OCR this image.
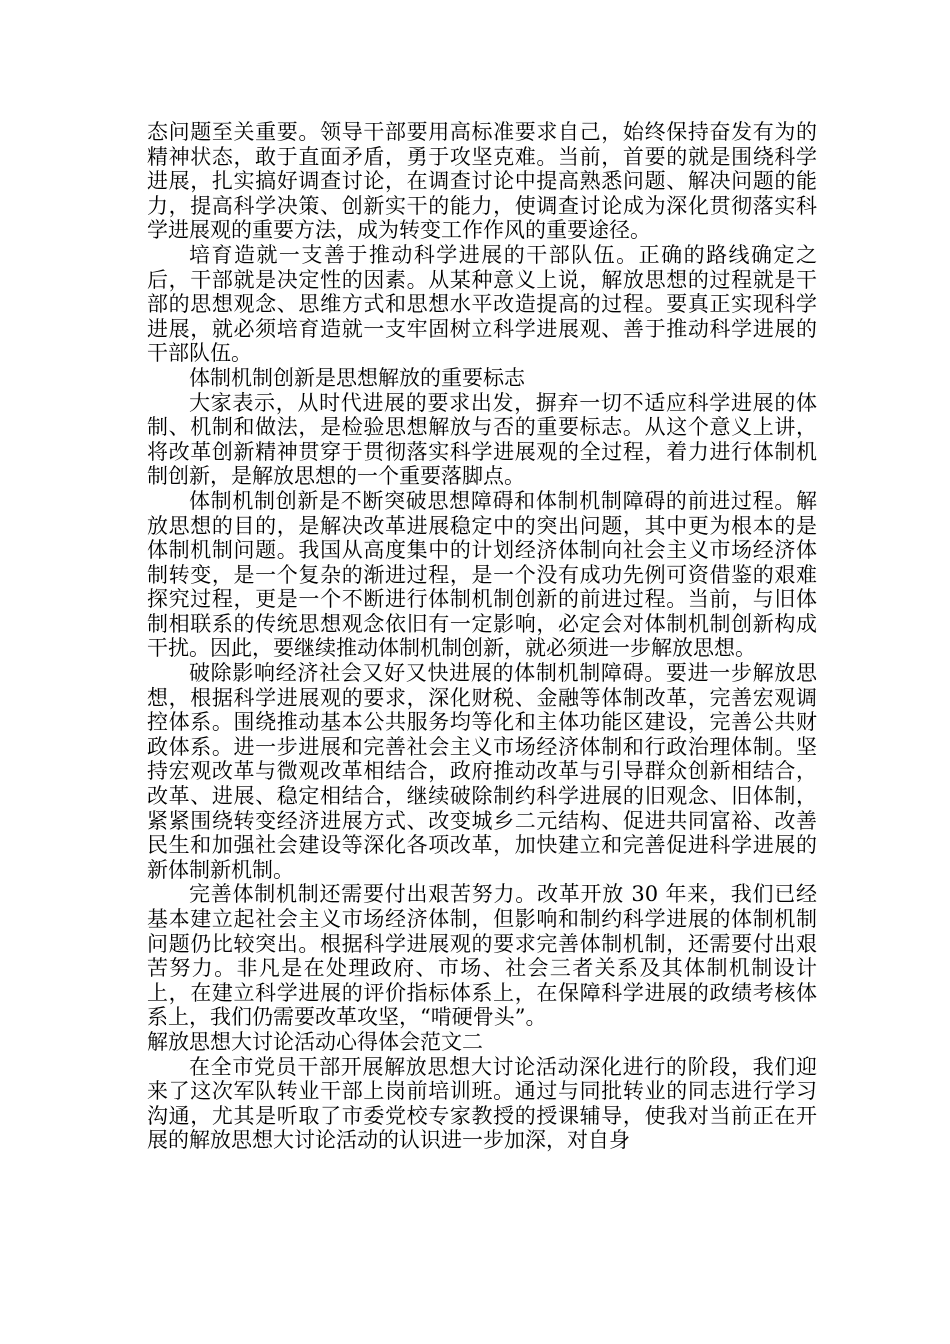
态问题至关重要。领导干部要用高标准要求自己，始终保持奋发有为的精神状态，敢于直面矛盾，勇于攻坚克难。当前，首要的就是围绕科学进展，扎实搞好调查讨论，在调查讨论中提高熟悉问题、解决问题的能力，提高科学决策、创新实干的能力，使调查讨论成为深化贯彻落实科学进展观的重要方法，成为转变工作作风的重要途径。

培育造就一支善于推动科学进展的干部队伍。正确的路线确定之后，干部就是决定性的因素。从某种意义上说，解放思想的过程就是干部的思想观念、思维方式和思想水平改造提高的过程。要真正实现科学进展，就必须培育造就一支牢固树立科学进展观、善于推动科学进展的干部队伍。

体制机制创新是思想解放的重要标志

大家表示，从时代进展的要求出发，摒弃一切不适应科学进展的体制、机制和做法，是检验思想解放与否的重要标志。从这个意义上讲，将改革创新精神贯穿于贯彻落实科学进展观的全过程，着力进行体制机制创新，是解放思想的一个重要落脚点。

体制机制创新是不断突破思想障碍和体制机制障碍的前进过程。解放思想的目的，是解决改革进展稳定中的突出问题，其中更为根本的是体制机制问题。我国从高度集中的计划经济体制向社会主义市场经济体制转变，是一个复杂的渐进过程，是一个没有成功先例可资借鉴的艰难探究过程，更是一个不断进行体制机制创新的前进过程。当前，与旧体制相联系的传统思想观念依旧有一定影响，必定会对体制机制创新构成干扰。因此，要继续推动体制机制创新，就必须进一步解放思想。

破除影响经济社会又好又快进展的体制机制障碍。要进一步解放思想，根据科学进展观的要求，深化财税、金融等体制改革，完善宏观调控体系。围绕推动基本公共服务均等化和主体功能区建设，完善公共财政体系。进一步进展和完善社会主义市场经济体制和行政治理体制。坚持宏观改革与微观改革相结合，政府推动改革与引导群众创新相结合，改革、进展、稳定相结合，继续破除制约科学进展的旧观念、旧体制，紧紧围绕转变经济进展方式、改变城乡二元结构、促进共同富裕、改善民生和加强社会建设等深化各项改革，加快建立和完善促进科学进展的新体制新机制。

完善体制机制还需要付出艰苦努力。改革开放 30 年来，我们已经基本建立起社会主义市场经济体制，但影响和制约科学进展的体制机制问题仍比较突出。根据科学进展观的要求完善体制机制，还需要付出艰苦努力。非凡是在处理政府、市场、社会三者关系及其体制机制设计上，在建立科学进展的评价指标体系上，在保障科学进展的政绩考核体系上，我们仍需要改革攻坚，“啃硬骨头”。

解放思想大讨论活动心得体会范文二

在全市党员干部开展解放思想大讨论活动深化进行的阶段，我们迎来了这次军队转业干部上岗前培训班。通过与同批转业的同志进行学习沟通，尤其是听取了市委党校专家教授的授课辅导，使我对当前正在开展的解放思想大讨论活动的认识进一步加深，对自身
